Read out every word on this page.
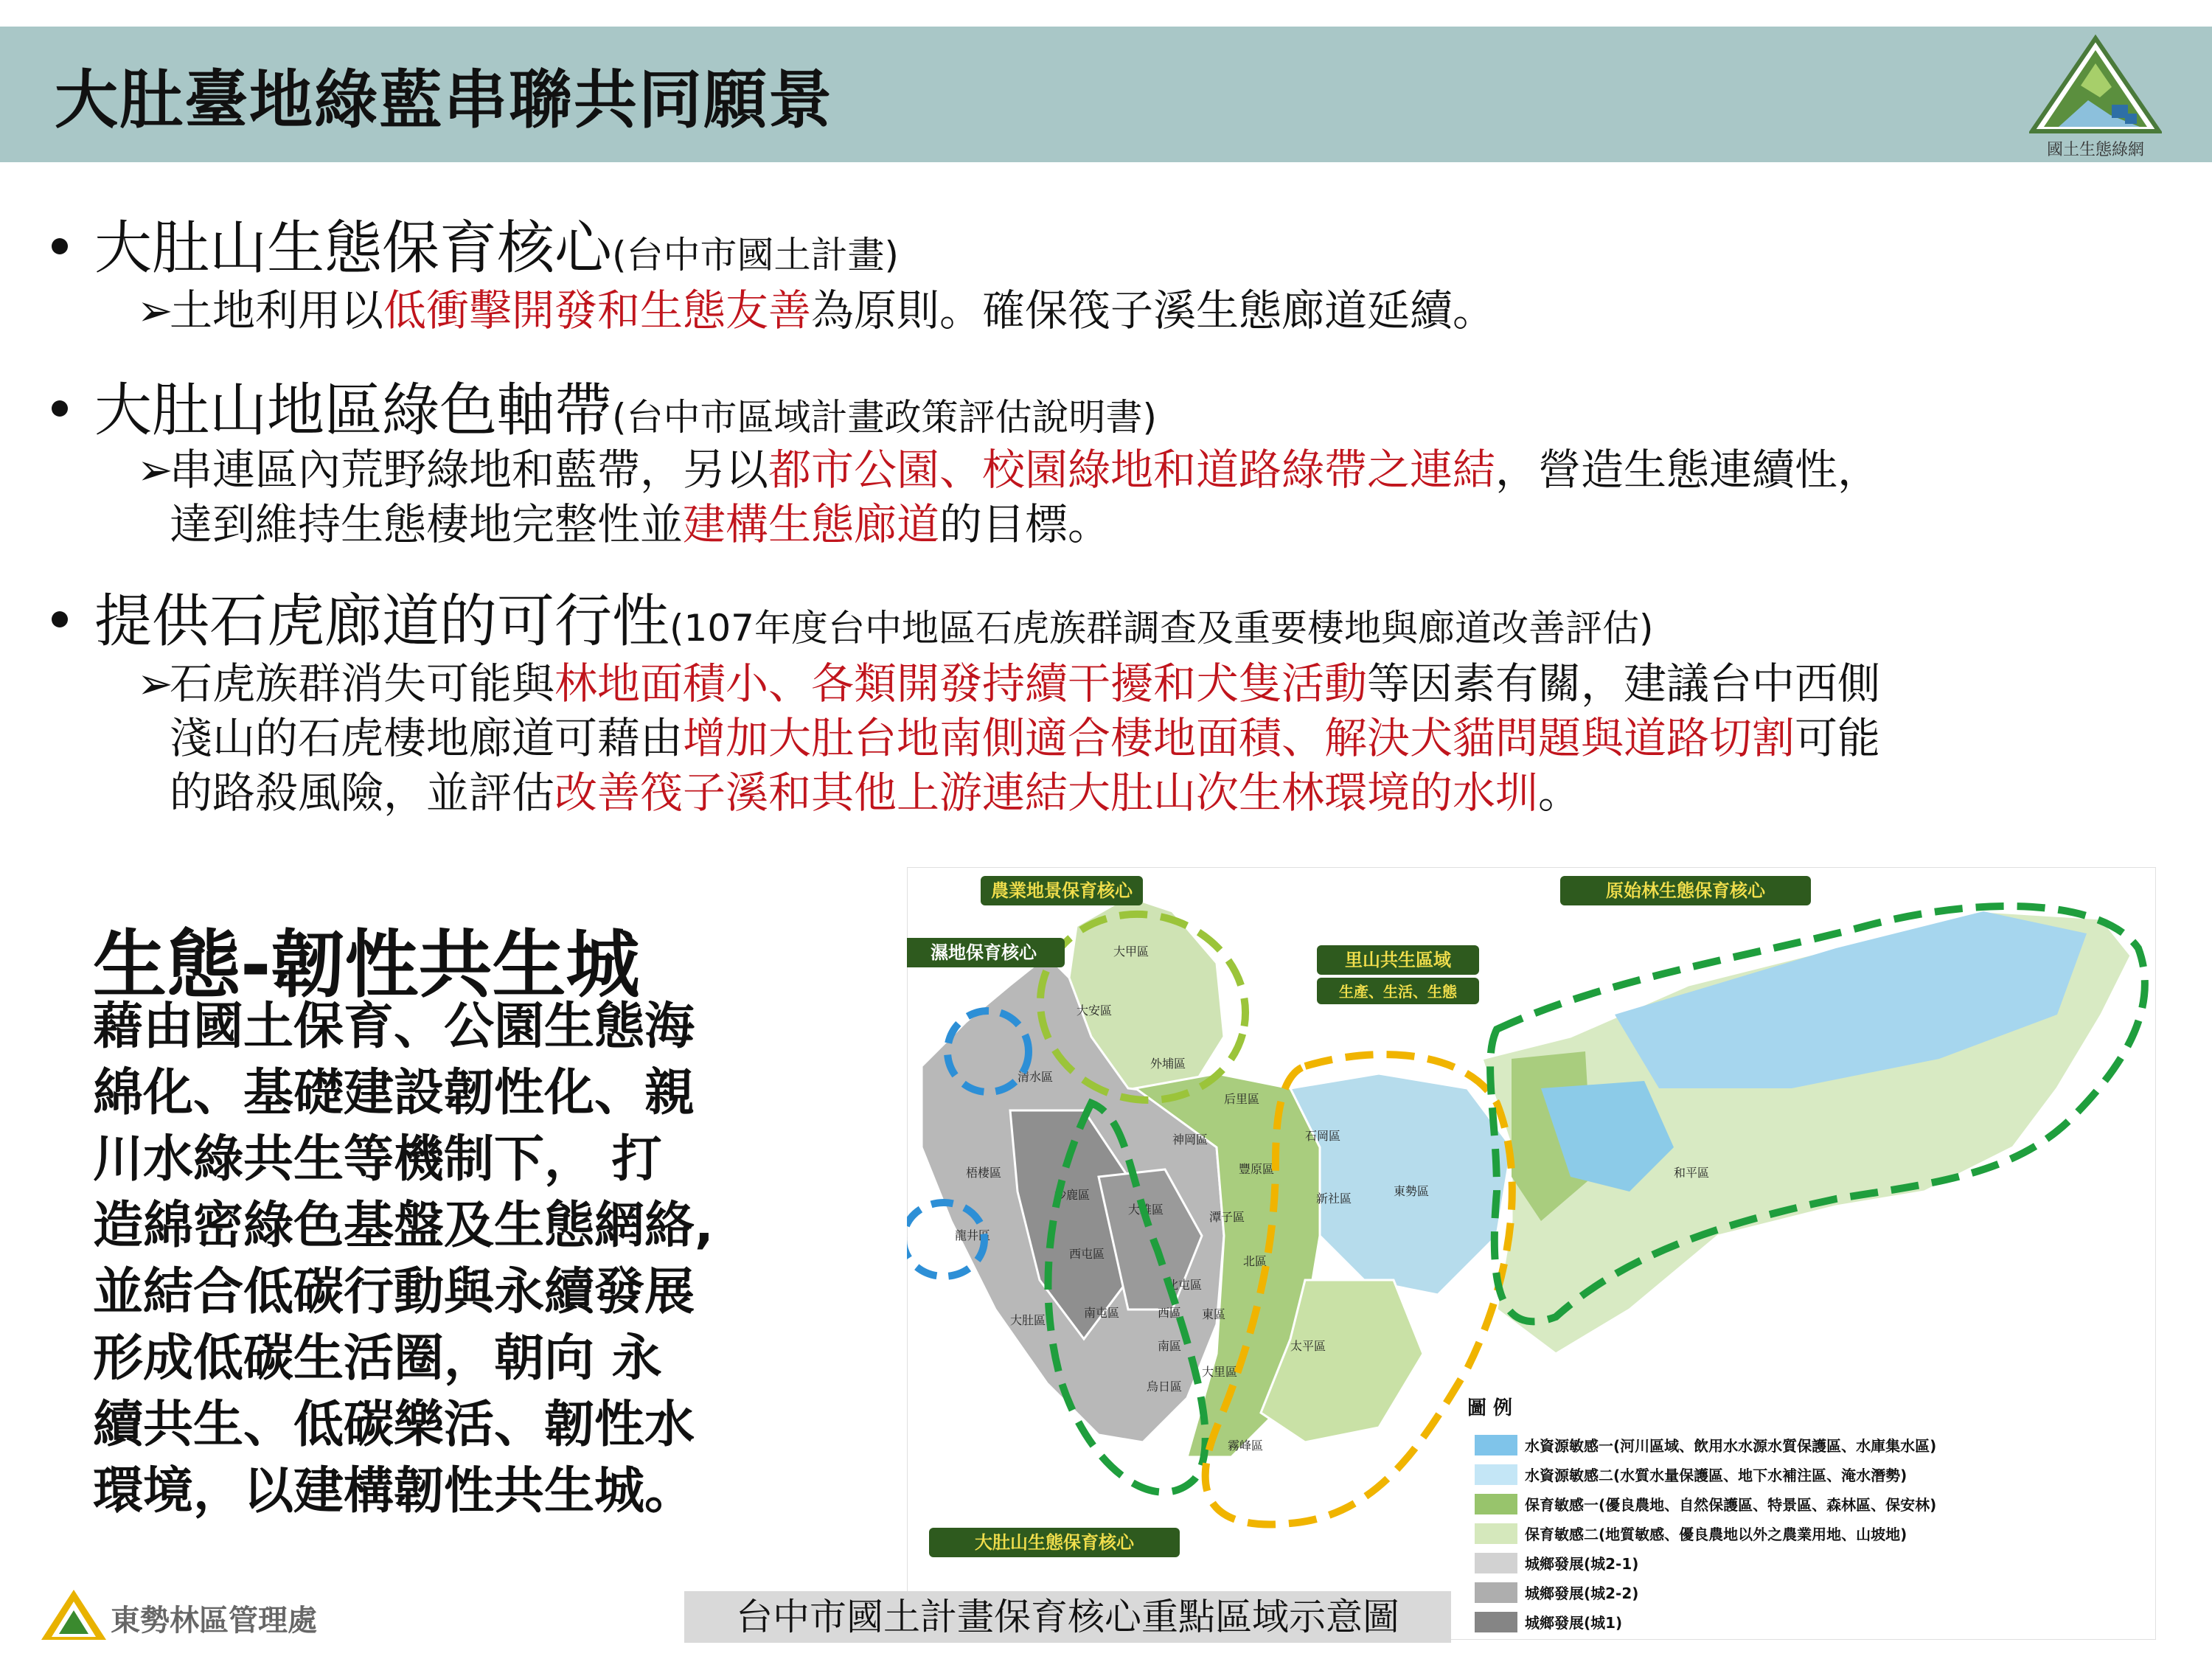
大肚臺地綠藍串聯共同願景
國土生態綠網
大肚山生態保育核心(台中市國土計畫)
➢土地利用以低衝擊開發和生態友善為原則。確保筏子溪生態廊道延續。
大肚山地區綠色軸帶(台中市區域計畫政策評估說明書)
➢串連區內荒野綠地和藍帶，另以都市公園、校園綠地和道路綠帶之連結，營造生態連續性，
達到維持生態棲地完整性並建構生態廊道的目標。
提供石虎廊道的可行性(107年度台中地區石虎族群調查及重要棲地與廊道改善評估)
➢石虎族群消失可能與林地面積小、各類開發持續干擾和犬隻活動等因素有關，建議台中西側
淺山的石虎棲地廊道可藉由增加大肚台地南側適合棲地面積、解決犬貓問題與道路切割可能
的路殺風險，並評估改善筏子溪和其他上游連結大肚山次生林環境的水圳。
生態-韌性共生城
藉由國土保育、公園生態海
綿化、基礎建設韌性化、親
川水綠共生等機制下， 打
造綿密綠色基盤及生態網絡,
並結合低碳行動與永續發展
形成低碳生活圈，朝向 永
續共生、低碳樂活、韌性水
環境，以建構韌性共生城。
大甲區
大安區
外埔區
清水區
后里區
神岡區	石岡區
梧棲區	豐原區
沙鹿區	新社區
東勢區
和平區
大雅區
潭子區
龍井區
西屯區
北屯區
北區
南屯區	西區 東區
大肚區
南區	太平區
烏日區
大里區
霧峰區
農業地景保育核心
濕地保育核心
原始林生態保育核心
里山共生區域
生產、生活、生態
大肚山生態保育核心
圖 例
水資源敏感一(河川區域、飲用水水源水質保護區、水庫集水區)
水資源敏感二(水質水量保護區、地下水補注區、淹水潛勢)
保育敏感一(優良農地、自然保護區、特景區、森林區、保安林)
保育敏感二(地質敏感、優良農地以外之農業用地、山坡地)
城鄉發展(城2-1)
城鄉發展(城2-2)
城鄉發展(城1)
台中市國土計畫保育核心重點區域示意圖
東勢林區管理處
